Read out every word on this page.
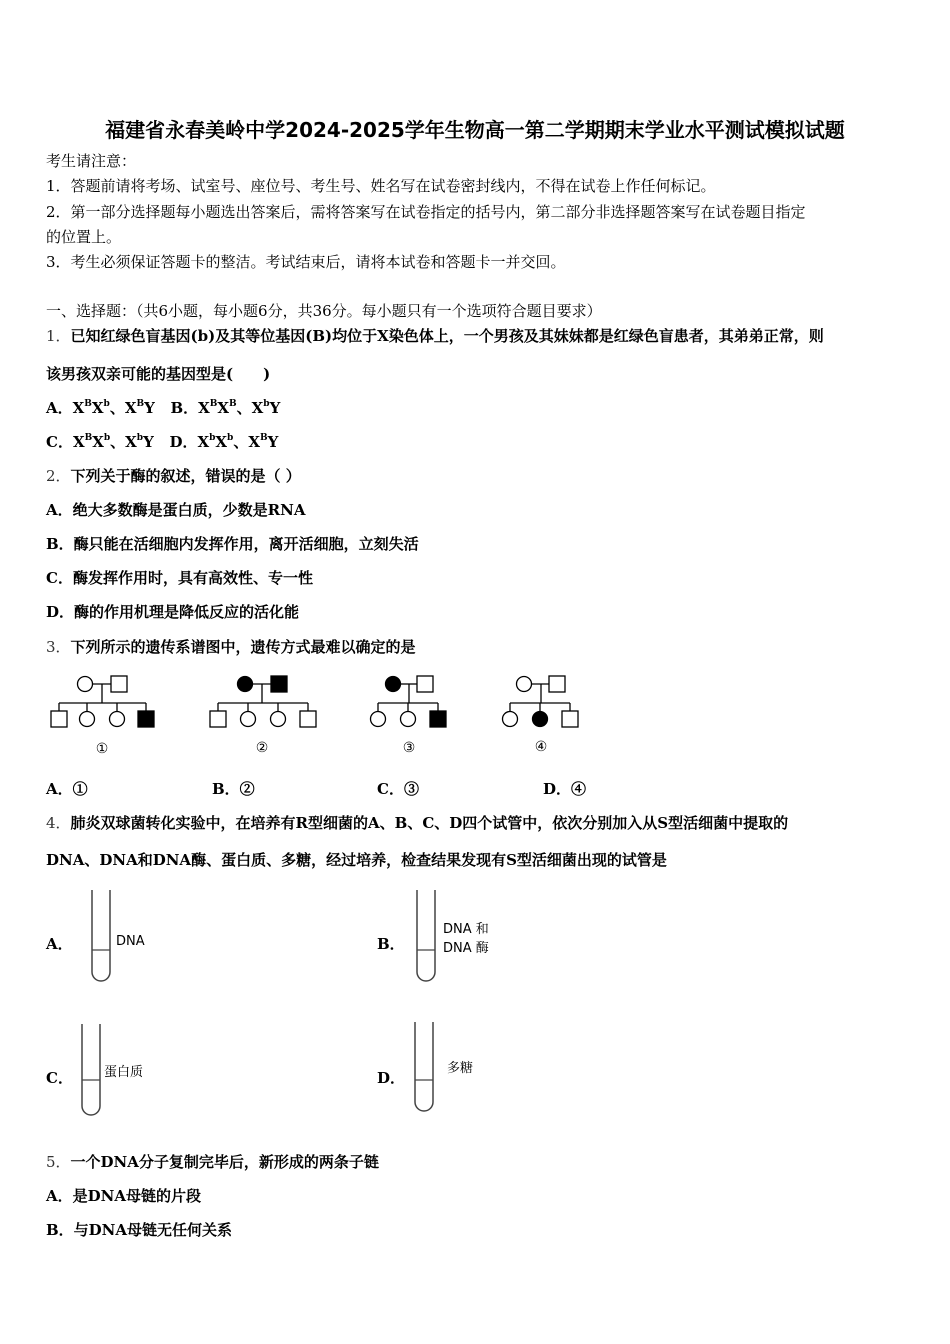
福建省永春美岭中学2024-2025学年生物高一第二学期期末学业水平测试模拟试题
考生请注意：
1．答题前请将考场、试室号、座位号、考生号、姓名写在试卷密封线内，不得在试卷上作任何标记。
2．第一部分选择题每小题选出答案后，需将答案写在试卷指定的括号内，第二部分非选择题答案写在试卷题目指定
的位置上。
3．考生必须保证答题卡的整洁。考试结束后，请将本试卷和答题卡一并交回。
一、选择题：（共6小题，每小题6分，共36分。每小题只有一个选项符合题目要求）
1．已知红绿色盲基因(b)及其等位基因(B)均位于X染色体上，一个男孩及其妹妹都是红绿色盲患者，其弟弟正常，则
该男孩双亲可能的基因型是(　　)
A．$X^BX^b$、$X^BY$   B．$X^BX^B$、$X^bY$
C．$X^BX^b$、$X^bY$   D．$X^bX^b$、$X^BY$
2．下列关于酶的叙述，错误的是（ ）
A．绝大多数酶是蛋白质，少数是RNA
B．酶只能在活细胞内发挥作用，离开活细胞，立刻失活
C．酶发挥作用时，具有高效性、专一性
D．酶的作用机理是降低反应的活化能
3．下列所示的遗传系谱图中，遗传方式最难以确定的是
①	②	③	④
A．①	B．②	C．③	D．④
4．肺炎双球菌转化实验中，在培养有R型细菌的A、B、C、D四个试管中，依次分别加入从S型活细菌中提取的
DNA、DNA和DNA酶、蛋白质、多糖，经过培养，检查结果发现有S型活细菌出现的试管是
A．	DNA	B．
DNA 和
DNA 酶
C． 蛋白质	D．
多糖
5．一个DNA分子复制完毕后，新形成的两条子链
A．是DNA母链的片段
B．与DNA母链无任何关系
